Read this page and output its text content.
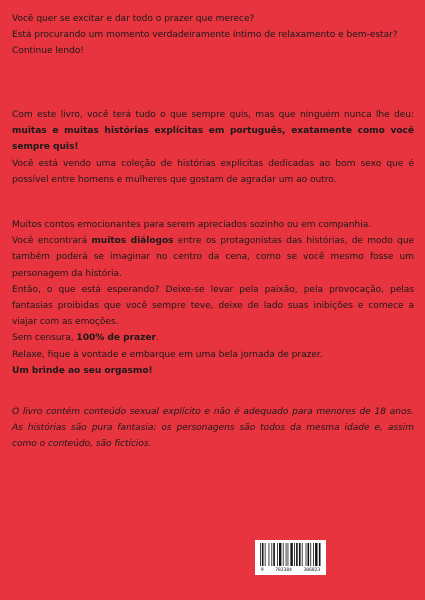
Você quer se excitar e dar todo o prazer que merece?

Está procurando um momento verdadeiramente íntimo de relaxamento e bem-estar?

Continue lendo!

Com este livro, você terá tudo o que sempre quis, mas que ninguém nunca lhe deu: muitas e muitas histórias explícitas em português, exatamente como você sempre quis!

Você está vendo uma coleção de histórias explícitas dedicadas ao bom sexo que é possível entre homens e mulheres que gostam de agradar um ao outro.

Muitos contos emocionantes para serem apreciados sozinho ou em companhia.

Você encontrará muitos diálogos entre os protagonistas das histórias, de modo que também poderá se imaginar no centro da cena, como se você mesmo fosse um personagem da história.

Então, o que está esperando? Deixe-se levar pela paixão, pela provocação, pelas fantasias proibidas que você sempre teve, deixe de lado suas inibições e comece a viajar com as emoções.

Sem censura, 100% de prazer.

Relaxe, fique à vontade e embarque em uma bela jornada de prazer.

Um brinde ao seu orgasmo!

O livro contém conteúdo sexual explícito e não é adequado para menores de 18 anos. As histórias são pura fantasia: os personagens são todos da mesma idade e, assim como o conteúdo, são fictícios.

9	783384	386823
